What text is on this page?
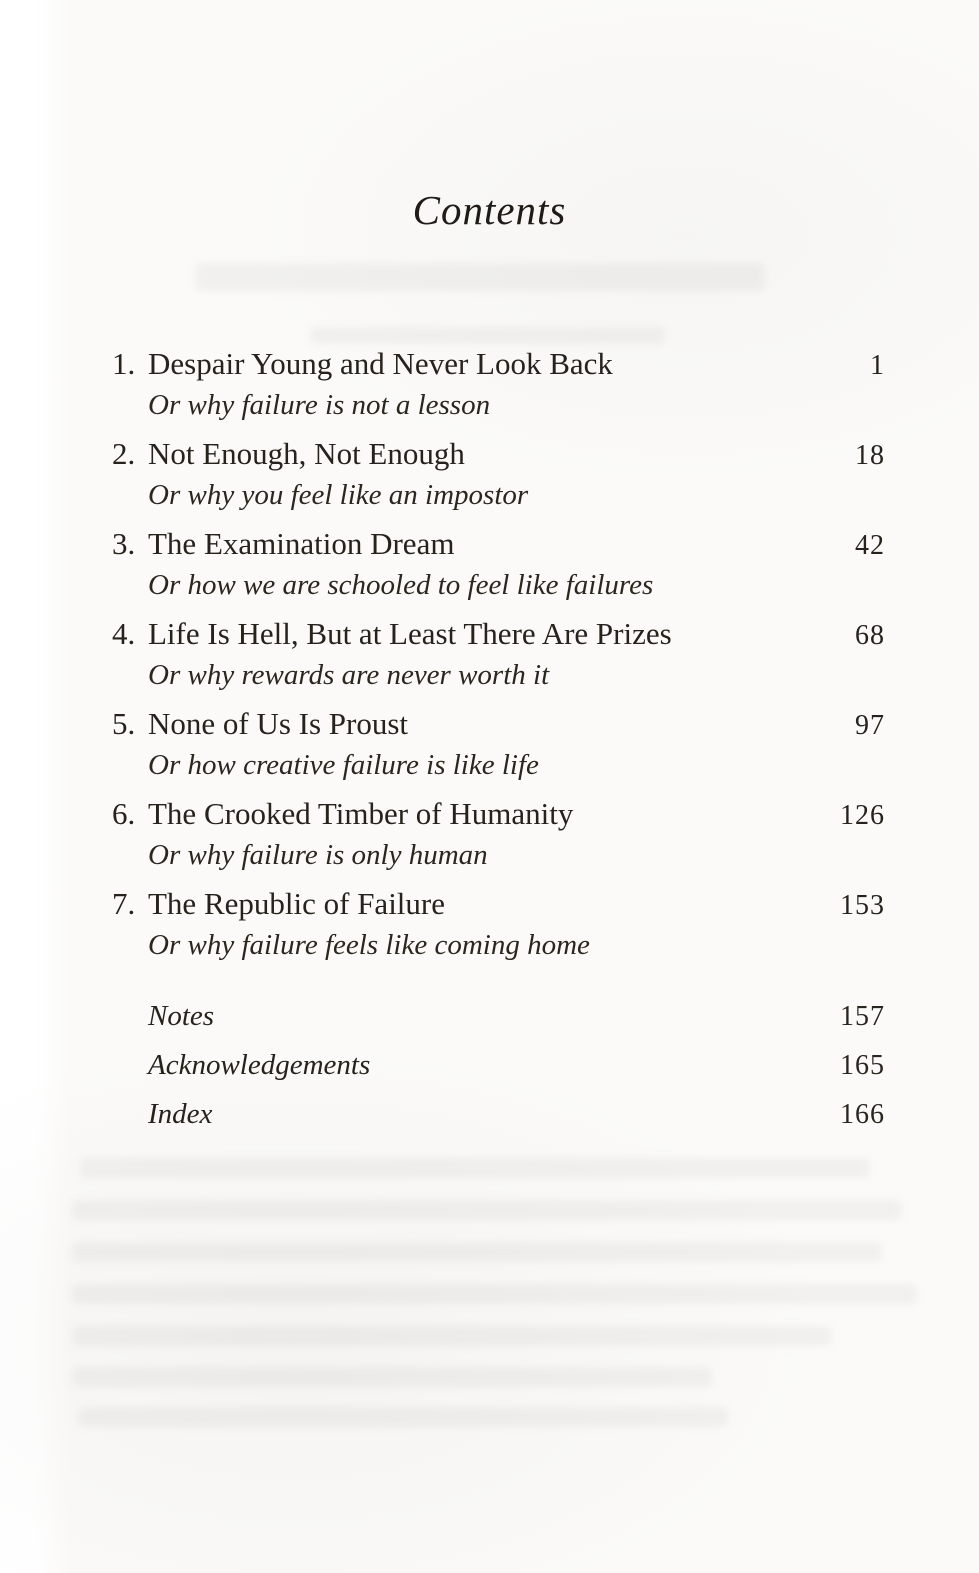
Contents
1. Despair Young and Never Look Back	1
Or why failure is not a lesson
2. Not Enough, Not Enough	18
Or why you feel like an impostor
3. The Examination Dream	42
Or how we are schooled to feel like failures
4. Life Is Hell, But at Least There Are Prizes	68
Or why rewards are never worth it
5. None of Us Is Proust	97
Or how creative failure is like life
6. The Crooked Timber of Humanity	126
Or why failure is only human
7. The Republic of Failure	153
Or why failure feels like coming home
Notes	157
Acknowledgements	165
Index	166
